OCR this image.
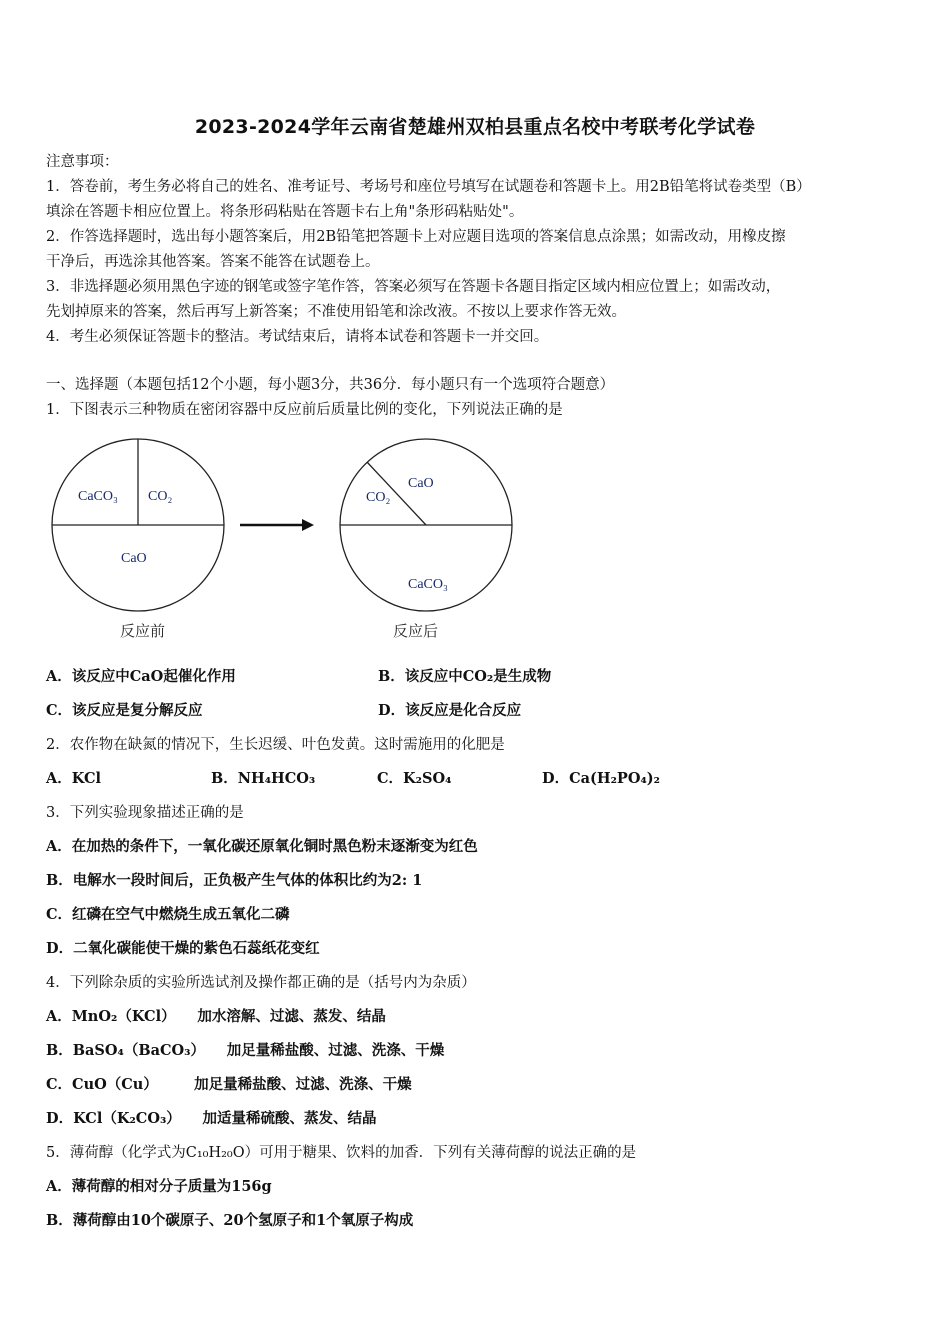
2023-2024学年云南省楚雄州双柏县重点名校中考联考化学试卷
注意事项：
1．答卷前，考生务必将自己的姓名、准考证号、考场号和座位号填写在试题卷和答题卡上。用2B铅笔将试卷类型（B）
填涂在答题卡相应位置上。将条形码粘贴在答题卡右上角"条形码粘贴处"。
2．作答选择题时，选出每小题答案后，用2B铅笔把答题卡上对应题目选项的答案信息点涂黑；如需改动，用橡皮擦
干净后，再选涂其他答案。答案不能答在试题卷上。
3．非选择题必须用黑色字迹的钢笔或签字笔作答，答案必须写在答题卡各题目指定区域内相应位置上；如需改动，
先划掉原来的答案，然后再写上新答案；不准使用铅笔和涂改液。不按以上要求作答无效。
4．考生必须保证答题卡的整洁。考试结束后，请将本试卷和答题卡一并交回。
一、选择题（本题包括12个小题，每小题3分，共36分．每小题只有一个选项符合题意）
1．下图表示三种物质在密闭容器中反应前后质量比例的变化，下列说法正确的是
CaCO₃ CO₂
CaO
CO₂
CaO
CaCO₃
反应前	反应后
A．该反应中CaO起催化作用	B．该反应中CO₂是生成物
C．该反应是复分解反应	D．该反应是化合反应
2．农作物在缺氮的情况下，生长迟缓、叶色发黄。这时需施用的化肥是
A．KCl	B．NH₄HCO₃	C．K₂SO₄	D．Ca(H₂PO₄)₂
3．下列实验现象描述正确的是
A．在加热的条件下，一氧化碳还原氧化铜时黑色粉末逐渐变为红色
B．电解水一段时间后，正负极产生气体的体积比约为2: 1
C．红磷在空气中燃烧生成五氧化二磷
D．二氧化碳能使干燥的紫色石蕊纸花变红
4．下列除杂质的实验所选试剂及操作都正确的是（括号内为杂质）
A．MnO₂（KCl）　　加水溶解、过滤、蒸发、结晶
B．BaSO₄（BaCO₃）　　加足量稀盐酸、过滤、洗涤、干燥
C．CuO（Cu）　　　加足量稀盐酸、过滤、洗涤、干燥
D．KCl（K₂CO₃）　　加适量稀硫酸、蒸发、结晶
5．薄荷醇（化学式为C₁₀H₂₀O）可用于糖果、饮料的加香．下列有关薄荷醇的说法正确的是
A．薄荷醇的相对分子质量为156g
B．薄荷醇由10个碳原子、20个氢原子和1个氧原子构成
